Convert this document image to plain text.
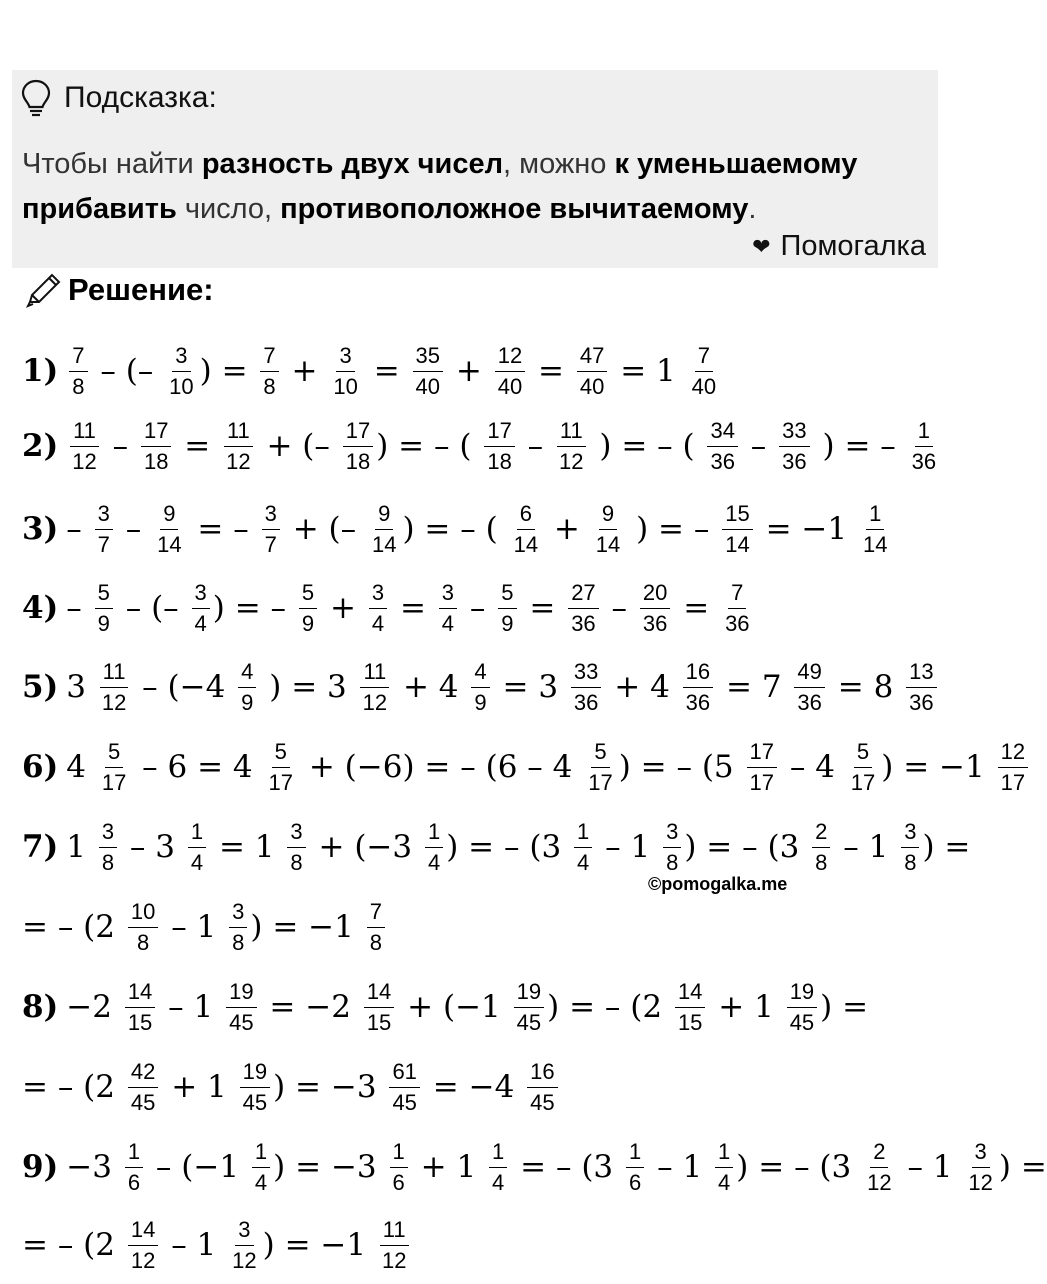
Подсказка:
Чтобы найти разность двух чисел, можно к уменьшаемому прибавить число, противоположное вычитаемому.
❤ Помогалка
Решение:
$1) \frac{7}{8}$ – (– $\frac{3}{10}$ ) = $\frac{7}{8} + \frac{3}{10} = \frac{35}{40} + \frac{12}{40} = \frac{47}{40} = 1 \frac{7}{40}$
$2) \frac{11}{12} - \frac{17}{18} = \frac{11}{12}$ + (– $\frac{17}{18}$ ) = – ( $\frac{17}{18} - \frac{11}{12}$ ) = – ( $\frac{34}{36} - \frac{33}{36}$ ) = – $\frac{1}{36}$
$3) - \frac{3}{7} - \frac{9}{14}$ = – $\frac{3}{7}$ + (– $\frac{9}{14}$ ) = – ( $\frac{6}{14} + \frac{9}{14}$ ) = – $\frac{15}{14} = -1 \frac{1}{14}$
$4) - \frac{5}{9}$ – (– $\frac{3}{4}$ ) = – $\frac{5}{9} + \frac{3}{4} = \frac{3}{4} - \frac{5}{9} = \frac{27}{36} - \frac{20}{36} = \frac{7}{36}$
5) $3 \frac{11}{12} - (-4 \frac{4}{9}$ ) = $3 \frac{11}{12} + 4 \frac{4}{9} = 3 \frac{33}{36} + 4 \frac{16}{36} = 7 \frac{49}{36} = 8 \frac{13}{36}$
6) $4 \frac{5}{17} - 6 = 4 \frac{5}{17} + (-6)$ = – ($6 - 4 \frac{5}{17}$ ) = – ($5 \frac{17}{17} - 4 \frac{5}{17}$ ) = $-1 \frac{12}{17}$
7) $1 \frac{3}{8} - 3 \frac{1}{4} = 1 \frac{3}{8} + (-3 \frac{1}{4}$ ) = – ($3 \frac{1}{4} - 1 \frac{3}{8}$ ) = – ($3 \frac{2}{8} - 1 \frac{3}{8}$ ) =
= – ($2 \frac{10}{8} - 1 \frac{3}{8}$ ) = $-1 \frac{7}{8}$
$8) -2 \frac{14}{15} - 1 \frac{19}{45} = -2 \frac{14}{15} + (-1 \frac{19}{45}$ ) = – ($2 \frac{14}{15} + 1 \frac{19}{45}$ ) =
= – ($2 \frac{42}{45} + 1 \frac{19}{45}$ ) = $-3 \frac{61}{45} = -4 \frac{16}{45}$
$9) -3 \frac{1}{6} - (-1 \frac{1}{4}$ ) = $-3 \frac{1}{6} + 1 \frac{1}{4}$ = – ($3 \frac{1}{6} - 1 \frac{1}{4}$ ) = – ($3 \frac{2}{12} - 1 \frac{3}{12}$ ) =
= – ($2 \frac{14}{12} - 1 \frac{3}{12}$ ) = $-1 \frac{11}{12}$
©pomogalka.me
